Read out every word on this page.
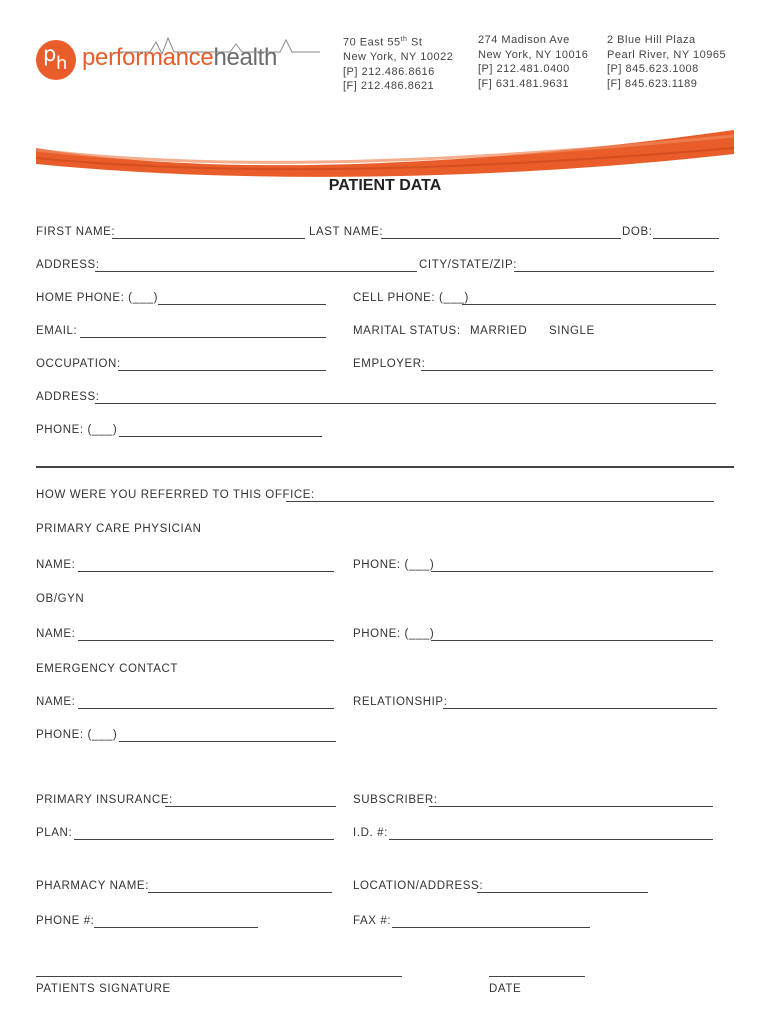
p h performancehealth
70 East 55th St
New York, NY 10022
[P] 212.486.8616
[F] 212.486.8621
274 Madison Ave
New York, NY 10016
[P] 212.481.0400
[F] 631.481.9631
2 Blue Hill Plaza
Pearl River, NY 10965
[P] 845.623.1008
[F] 845.623.1189
PATIENT DATA
FIRST NAME:	LAST NAME:	DOB:
ADDRESS:	CITY/STATE/ZIP:
HOME PHONE: (___)	CELL PHONE: (___)
EMAIL:	MARITAL STATUS: MARRIED SINGLE
OCCUPATION:	EMPLOYER:
ADDRESS:
PHONE: (___)
HOW WERE YOU REFERRED TO THIS OFFICE:
PRIMARY CARE PHYSICIAN
NAME:	PHONE: (___)
OB/GYN
NAME:	PHONE: (___)
EMERGENCY CONTACT
NAME:	RELATIONSHIP:
PHONE: (___)
PRIMARY INSURANCE:	SUBSCRIBER:
PLAN:	I.D. #:
PHARMACY NAME:	LOCATION/ADDRESS:
PHONE #:	FAX #:
PATIENTS SIGNATURE	DATE
